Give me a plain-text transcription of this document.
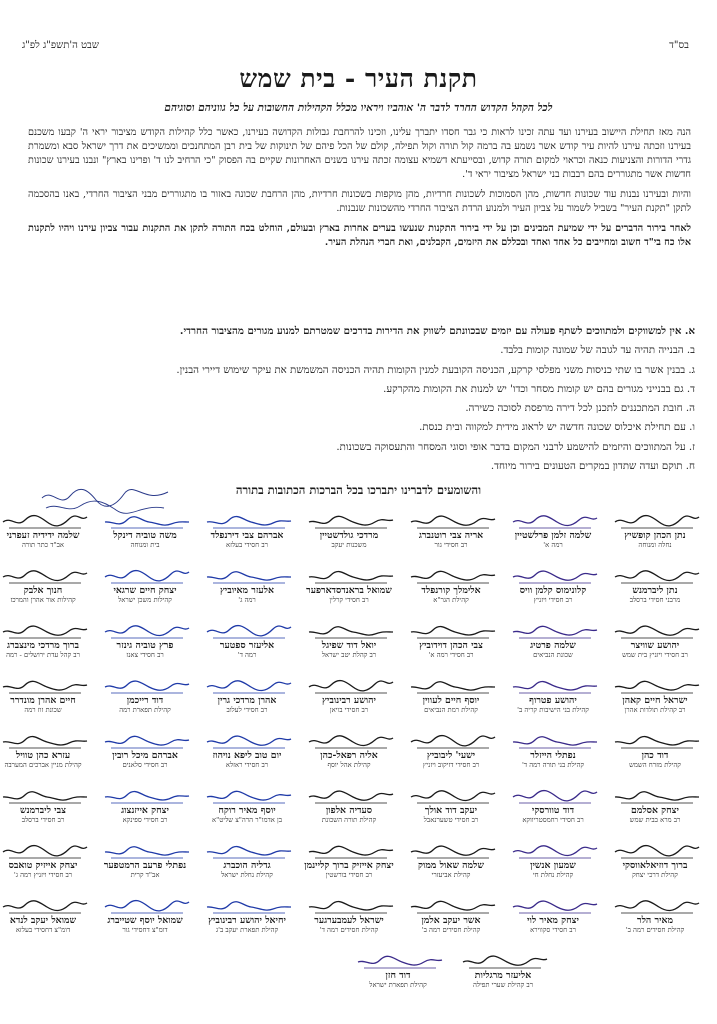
בס"ד
שבט ה'תשפ"ג לפ"ג
תקנת העיר - בית שמש
לכל הקהל הקדוש החרד לדבר ה' אוהביו ויראיו מכלל הקהילות החשובות על כל גווניהם וסוגיהם

הנה מאז תחילת היישוב בעירנו ועד עתה זכינו לראות כי גבר חסדו יתברך עלינו, וזכינו להרחבת גבולות הקדושה בעירנו, כאשר כלל קהילות הקודש מציבור יראי ה' קבעו משכנם בעירנו וזכתה עירנו להיות עיר קודש אשר נשמע בה ברמה קול תורה וקול תפילה, קולם של הכל פיהם של תינוקות של בית רבן המתחנכים וממשיכים את דרך ישראל סבא ומשמרת גדרי הדורות והצניעות כנאה וכראוי למקום תורה קדוש, ובסייעתא דשמיא עצומה זכתה עירנו בשנים האחרונות שקיים בה הפסוק "כי הרחיב לנו ד' ופרינו בארץ" ונבנו בעירנו שכונות חדשות אשר מתגוררים בהם רבבות בני ישראל מציבור יראי ד'.

והיות ובעירנו נבנות עוד שכונות חדשות, מהן הסמוכות לשכונות חרדיות, מהן מוקפות בשכונות חרדיות, מהן הרחבת שכונה באזור בו מתגוררים מבני הציבור החרדי, באנו בהסכמה לתקן "תקנת העיר" בשביל לשמור על צביון העיר ולמנוע הרדת הציבור החרדי מהשכונות שנבנות.

לאחר בירור הדברים על ידי שמיעת המבינים וכן על ידי בירור התקנות שנעשו בערים אחרות בארץ ובעולם, הוחלט בכח התורה לתקן את התקנות עבור צביון עירנו ויהיו לתקנות אלו כח בי"ד חשוב ומחייבים כל אחד ואחד ובכללם את היזמים, הקבלנים, ואת חברי הנהלת העיר.

א. אין למשווקים ולמתווכים לשתף פעולה עם יזמים שבכוונתם לשווק את הדירות בדרכים שמטרתם למנוע מגורים מהציבור החרדי.
ב. הבנייה תהיה עד לגובה של שמונה קומות בלבד.
ג. בבנין אשר בו שתי כניסות משני מפלסי קרקע, הכניסה הקובעת למנין הקומות תהיה הכניסה המשמשת את עיקר שימוש דיירי הבנין.
ד. גם בבנייני מגורים בהם יש קומות מסחר וכדו' יש למנות את הקומות מהקרקע.
ה. חובת המתכננים לתכנן לכל דירה מרפסת לסוכה כשירה.
ו. עם תחילת איכלוס שכונה חדשה יש לראוג מידית למקווה ובית כנסת.
ז. על המתווכים והיזמים להישמע לרבני המקום בדבר אופי וסוגי המסחר והתעסוקה בשכונות.
ח. תוקם ועדה שתדון במקרים הטעונים בירור מיוחד.
והשומעים לדברינו יתברכו בכל הברכות הכתובות בתורה
נתן הכהן קופשיץ
נחלה ומנוחה
שלמה זלמן פרלשטיין
רמה א'
אריה צבי רוטנברג
רב חסידי גור
מרדכי גולדשטיין
משכנות יעקב
אברהם צבי דירנפלד
רב חסידי בעלזא
משה טוביה דינקל
בית ומנוחה
שלמה ידידיה זעפרני
אב"ד כתר תורה
נתן ליברמנש
מרבני חסידי ברסלב
קלונימוס קלמן וויס
רב חסידי ויזניץ
אלימלך קורנפלד
קהילת הגר"א
שמואל בראנדסדארפער
רב חסידי קרלין
אלעזר מאיוביץ
רמה ג'
יצחק חיים שרגאי
קהילות משכן ישראל
חנוך אלבק
קהילות אור אהרן והמרכז
יהושע שוויצר
רב חסידי ויזניץ בית שמש
שלמה פרטיג
שכונת הנביאים
צבי הכהן דוידוביץ
רב חסידי רמה א'
יואל דוד שפיגל
רב קהלת יטב ישראל
אליעזר ספטער
רמה ד'
פרץ טוביה גינזר
רב חסידי צאנז
ברוך מרדכי מינצברג
רב קהל עדת ירושלים - רמה
ישראל חיים קאהן
רב קהילת תולדות אהרן
יהושע פטרוף
קהילת בני הישיבות קריה ב'
יוסף חיים לעווין
קהילת רמת הנביאים
יהושע רבינוביץ
רב חסידי בויאן
אהרן מרדכי גרין
רב חסידי לעלוב
דוד רייכמן
קהילת תפארת רמה
חיים אהרן מונדרר
שכונת זוז רמה
דוד כהן
קהילת מזרח השמש
נפתלי הייזלר
קהילת בני תורה רמה ד'
ישעי' ליבוביץ
רב חסידי דזיקוב ויזניץ
אליה רפאל-כהן
קהילת אהל יוסף
יום טוב ליפא נויהוז
רב חסידי ראזלא
אברהם מיכל רובין
רב חסידי סלאנים
עזרא כהן טוויל
קהילת מניין אברכים המערבה
יצחק אסלמם
רב מרא בבית שמש
דוד טוורסקי
רב חסידי רחמסטריווקא
יעקב דוד אולך
רב חסידי טשערנאבל
סעדיה אלפון
קהילת תורה השכונת
יוסף מאיר רוקח
בן אדמו"ר הרה"צ שליט"א
יצחק אייזנצוג
רב חסידי ספינקא
צבי ליברמנש
רב חסידי ברסלב
ברוך דוזיאלאווסקי
קהילת דרכי יצחק
שמעון אנשין
קהילת נחלת חי
שלמה שאול ממוק
קהילת אביעזרי
יצחק אייזיק ברוך קליינמן
רב חסידי בורשטין
גדליה הוכברג
קהילת נחלת ישראל
נפתלי פרעב הרמטפער
אב"ד קרית
יצחק אייזיק טואבס
רב חסידי ויזניץ רמה ג'
מאיר הלר
קהילת חסידים רמה ב'
יצחק מאיר לוי
רב חסידי סקווירא
אשר יעקב אלמן
קהילת חסידים רמה ב'
ישראל לעמבערגער
קהילת חסידים רמה ד'
יחיאל יהושע רבינוביץ
קהילת תפארת יעקב ב'ג
שמואל יוסף שטייברג
דומ"צ דחסידי גור
שמואל יעקב לנדא
דומ"צ דחסידי בעלזא
אליעזר מרגליות
רב קהילת שערי תפילה
דוד חזן
קהילת תפארת ישראל
